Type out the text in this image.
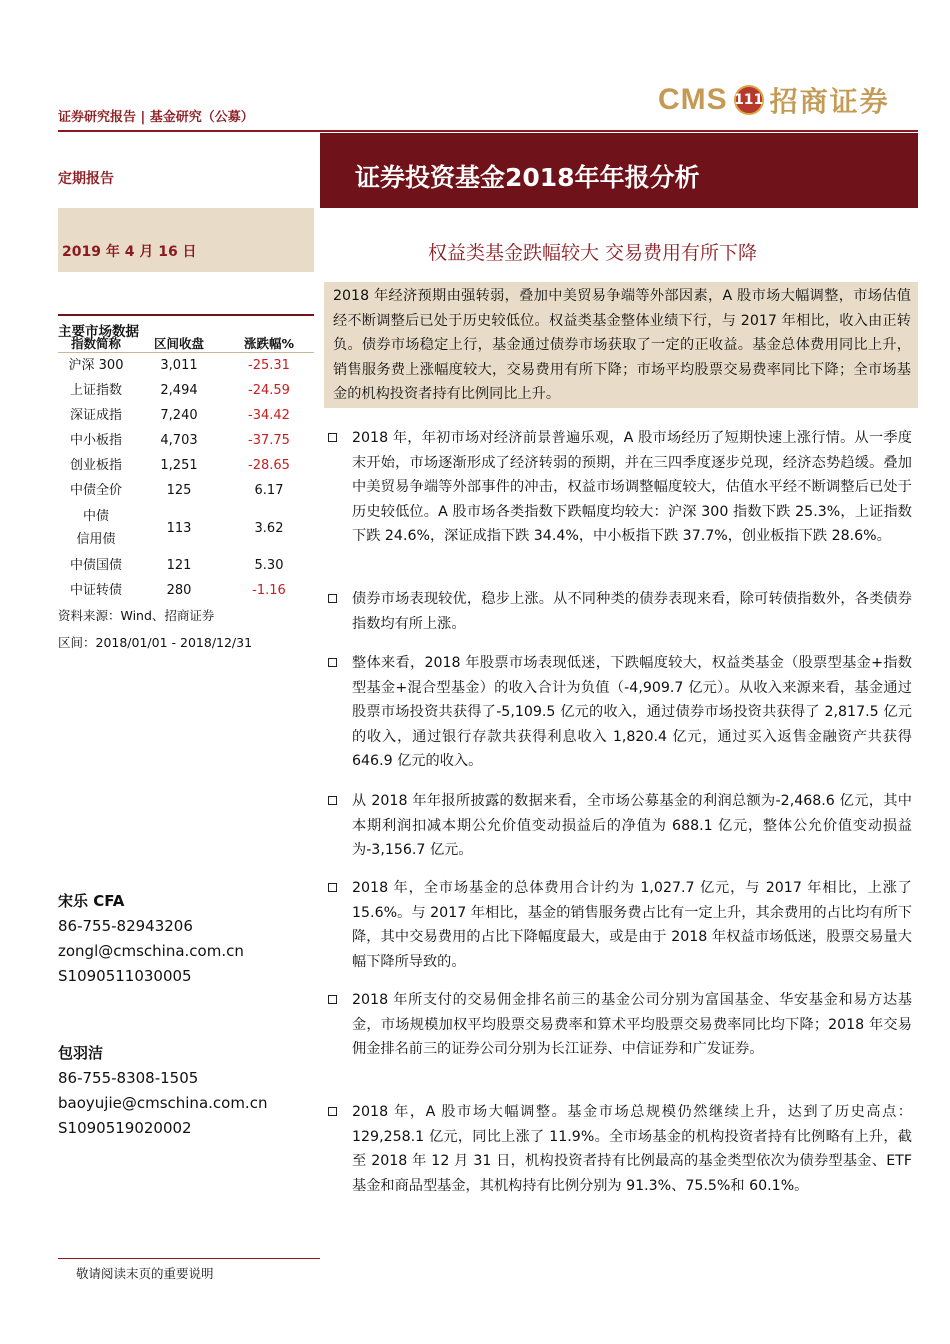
证券研究报告 | 基金研究（公募）
CMS 111 招商证券
定期报告	证券投资基金2018年年报分析
2019 年 4 月 16 日	权益类基金跌幅较大 交易费用有所下降
2018 年经济预期由强转弱，叠加中美贸易争端等外部因素，A 股市场大幅调整，市场估值经不断调整后已处于历史较低位。权益类基金整体业绩下行，与 2017 年相比，收入由正转负。债券市场稳定上行，基金通过债券市场获取了一定的正收益。基金总体费用同比上升，销售服务费上涨幅度较大，交易费用有所下降；市场平均股票交易费率同比下降；全市场基金的机构投资者持有比例同比上升。
主要市场数据
指数简称	区间收盘	涨跌幅%
沪深 300	3,011	-25.31
上证指数	2,494	-24.59
深证成指	7,240	-34.42
中小板指	4,703	-37.75
创业板指	1,251	-28.65
中债全价	125	6.17
中债
信用债	113	3.62
中债国债	121	5.30
中证转债	280	-1.16
资料来源：Wind、招商证券
区间：2018/01/01 - 2018/12/31
宋乐 CFA
86-755-82943206
zongl@cmschina.com.cn
S1090511030005
包羽洁
86-755-8308-1505
baoyujie@cmschina.com.cn
S1090519020002
2018 年，年初市场对经济前景普遍乐观，A 股市场经历了短期快速上涨行情。从一季度末开始，市场逐渐形成了经济转弱的预期，并在三四季度逐步兑现，经济态势趋缓。叠加中美贸易争端等外部事件的冲击，权益市场调整幅度较大，估值水平经不断调整后已处于历史较低位。A 股市场各类指数下跌幅度均较大：沪深 300 指数下跌 25.3%，上证指数下跌 24.6%，深证成指下跌 34.4%，中小板指下跌 37.7%，创业板指下跌 28.6%。
债券市场表现较优，稳步上涨。从不同种类的债券表现来看，除可转债指数外，各类债券指数均有所上涨。
整体来看，2018 年股票市场表现低迷，下跌幅度较大，权益类基金（股票型基金+指数型基金+混合型基金）的收入合计为负值（-4,909.7 亿元）。从收入来源来看，基金通过股票市场投资共获得了-5,109.5 亿元的收入，通过债券市场投资共获得了 2,817.5 亿元的收入，通过银行存款共获得利息收入 1,820.4 亿元，通过买入返售金融资产共获得 646.9 亿元的收入。
从 2018 年年报所披露的数据来看，全市场公募基金的利润总额为-2,468.6 亿元，其中本期利润扣减本期公允价值变动损益后的净值为 688.1 亿元，整体公允价值变动损益为-3,156.7 亿元。
2018 年，全市场基金的总体费用合计约为 1,027.7 亿元，与 2017 年相比，上涨了 15.6%。与 2017 年相比，基金的销售服务费占比有一定上升，其余费用的占比均有所下降，其中交易费用的占比下降幅度最大，或是由于 2018 年权益市场低迷，股票交易量大幅下降所导致的。
2018 年所支付的交易佣金排名前三的基金公司分别为富国基金、华安基金和易方达基金，市场规模加权平均股票交易费率和算术平均股票交易费率同比均下降；2018 年交易佣金排名前三的证券公司分别为长江证券、中信证券和广发证券。
2018 年，A 股市场大幅调整。基金市场总规模仍然继续上升，达到了历史高点：129,258.1 亿元，同比上涨了 11.9%。全市场基金的机构投资者持有比例略有上升，截至 2018 年 12 月 31 日，机构投资者持有比例最高的基金类型依次为债券型基金、ETF 基金和商品型基金，其机构持有比例分别为 91.3%、75.5%和 60.1%。
敬请阅读末页的重要说明
